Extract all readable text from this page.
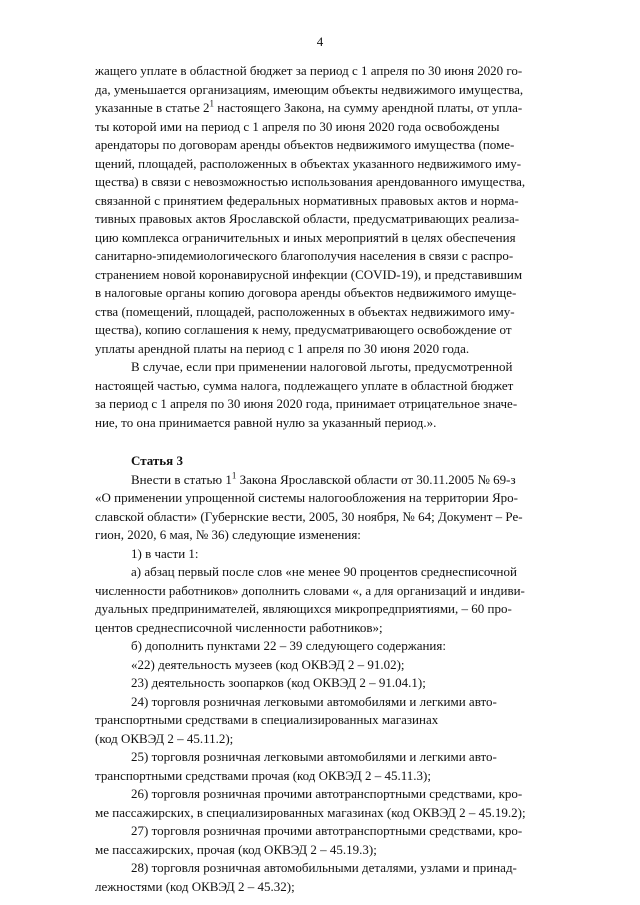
4

жащего уплате в областной бюджет за период с 1 апреля по 30 июня 2020 го-

да, уменьшается организациям, имеющим объекты недвижимого имущества,

указанные в статье $2^1$ настоящего Закона, на сумму арендной платы, от упла-

ты которой ими на период с 1 апреля по 30 июня 2020 года освобождены

арендаторы по договорам аренды объектов недвижимого имущества (поме-

щений, площадей, расположенных в объектах указанного недвижимого иму-

щества) в связи с невозможностью использования арендованного имущества,

связанной с принятием федеральных нормативных правовых актов и норма-

тивных правовых актов Ярославской области, предусматривающих реализа-

цию комплекса ограничительных и иных мероприятий в целях обеспечения

санитарно-эпидемиологического благополучия населения в связи с распро-

странением новой коронавирусной инфекции (COVID-19), и представившим

в налоговые органы копию договора аренды объектов недвижимого имуще-

ства (помещений, площадей, расположенных в объектах недвижимого иму-

щества), копию соглашения к нему, предусматривающего освобождение от

уплаты арендной платы на период с 1 апреля по 30 июня 2020 года.

В случае, если при применении налоговой льготы, предусмотренной

настоящей частью, сумма налога, подлежащего уплате в областной бюджет

за период с 1 апреля по 30 июня 2020 года, принимает отрицательное значе-

ние, то она принимается равной нулю за указанный период.».

Статья 3

Внести в статью $1^1$ Закона Ярославской области от 30.11.2005 № 69-з

«О применении упрощенной системы налогообложения на территории Яро-

славской области» (Губернские вести, 2005, 30 ноября, № 64; Документ – Ре-

гион, 2020, 6 мая, № 36) следующие изменения:

1) в части 1:

а) абзац первый после слов «не менее 90 процентов среднесписочной

численности работников» дополнить словами «, а для организаций и индиви-

дуальных предпринимателей, являющихся микропредприятиями, – 60 про-

центов среднесписочной численности работников»;

б) дополнить пунктами 22 – 39 следующего содержания:

«22) деятельность музеев (код ОКВЭД 2 – 91.02);

23) деятельность зоопарков (код ОКВЭД 2 – 91.04.1);

24) торговля розничная легковыми автомобилями и легкими авто-

транспортными средствами в специализированных магазинах

(код ОКВЭД 2 – 45.11.2);

25) торговля розничная легковыми автомобилями и легкими авто-

транспортными средствами прочая (код ОКВЭД 2 – 45.11.3);

26) торговля розничная прочими автотранспортными средствами, кро-

ме пассажирских, в специализированных магазинах (код ОКВЭД 2 – 45.19.2);

27) торговля розничная прочими автотранспортными средствами, кро-

ме пассажирских, прочая (код ОКВЭД 2 – 45.19.3);

28) торговля розничная автомобильными деталями, узлами и принад-

лежностями (код ОКВЭД 2 – 45.32);
